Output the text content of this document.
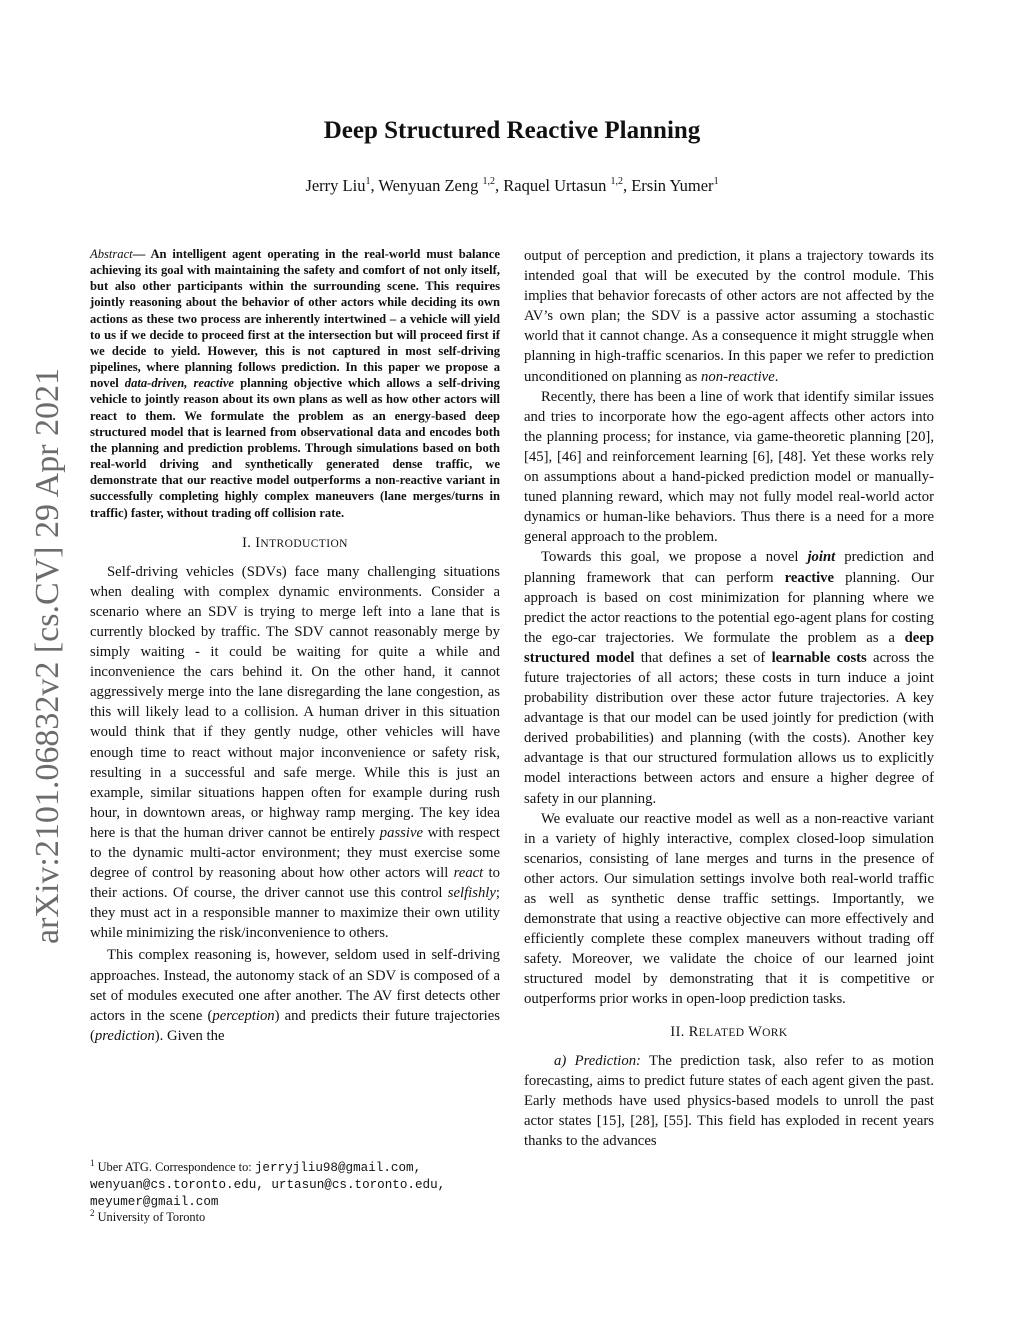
Deep Structured Reactive Planning
Jerry Liu$^1$, Wenyuan Zeng $^{1,2}$, Raquel Urtasun $^{1,2}$, Ersin Yumer$^1$
arXiv:2101.06832v2 [cs.CV] 29 Apr 2021

Abstract— An intelligent agent operating in the real-world must balance achieving its goal with maintaining the safety and comfort of not only itself, but also other participants within the surrounding scene. This requires jointly reasoning about the behavior of other actors while deciding its own actions as these two process are inherently intertwined – a vehicle will yield to us if we decide to proceed first at the intersection but will proceed first if we decide to yield. However, this is not captured in most self-driving pipelines, where planning follows prediction. In this paper we propose a novel data-driven, reactive planning objective which allows a self-driving vehicle to jointly reason about its own plans as well as how other actors will react to them. We formulate the problem as an energy-based deep structured model that is learned from observational data and encodes both the planning and prediction problems. Through simulations based on both real-world driving and synthetically generated dense traffic, we demonstrate that our reactive model outperforms a non-reactive variant in successfully completing highly complex maneuvers (lane merges/turns in traffic) faster, without trading off collision rate.

I. INTRODUCTION

Self-driving vehicles (SDVs) face many challenging situations when dealing with complex dynamic environments. Consider a scenario where an SDV is trying to merge left into a lane that is currently blocked by traffic. The SDV cannot reasonably merge by simply waiting - it could be waiting for quite a while and inconvenience the cars behind it. On the other hand, it cannot aggressively merge into the lane disregarding the lane congestion, as this will likely lead to a collision. A human driver in this situation would think that if they gently nudge, other vehicles will have enough time to react without major inconvenience or safety risk, resulting in a successful and safe merge. While this is just an example, similar situations happen often for example during rush hour, in downtown areas, or highway ramp merging. The key idea here is that the human driver cannot be entirely passive with respect to the dynamic multi-actor environment; they must exercise some degree of control by reasoning about how other actors will react to their actions. Of course, the driver cannot use this control selfishly; they must act in a responsible manner to maximize their own utility while minimizing the risk/inconvenience to others.

This complex reasoning is, however, seldom used in self-driving approaches. Instead, the autonomy stack of an SDV is composed of a set of modules executed one after another. The AV first detects other actors in the scene (perception) and predicts their future trajectories (prediction). Given the

output of perception and prediction, it plans a trajectory towards its intended goal that will be executed by the control module. This implies that behavior forecasts of other actors are not affected by the AV’s own plan; the SDV is a passive actor assuming a stochastic world that it cannot change. As a consequence it might struggle when planning in high-traffic scenarios. In this paper we refer to prediction unconditioned on planning as non-reactive.

Recently, there has been a line of work that identify similar issues and tries to incorporate how the ego-agent affects other actors into the planning process; for instance, via game-theoretic planning [20], [45], [46] and reinforcement learning [6], [48]. Yet these works rely on assumptions about a hand-picked prediction model or manually-tuned planning reward, which may not fully model real-world actor dynamics or human-like behaviors. Thus there is a need for a more general approach to the problem.

Towards this goal, we propose a novel joint prediction and planning framework that can perform reactive planning. Our approach is based on cost minimization for planning where we predict the actor reactions to the potential ego-agent plans for costing the ego-car trajectories. We formulate the problem as a deep structured model that defines a set of learnable costs across the future trajectories of all actors; these costs in turn induce a joint probability distribution over these actor future trajectories. A key advantage is that our model can be used jointly for prediction (with derived probabilities) and planning (with the costs). Another key advantage is that our structured formulation allows us to explicitly model interactions between actors and ensure a higher degree of safety in our planning.

We evaluate our reactive model as well as a non-reactive variant in a variety of highly interactive, complex closed-loop simulation scenarios, consisting of lane merges and turns in the presence of other actors. Our simulation settings involve both real-world traffic as well as synthetic dense traffic settings. Importantly, we demonstrate that using a reactive objective can more effectively and efficiently complete these complex maneuvers without trading off safety. Moreover, we validate the choice of our learned joint structured model by demonstrating that it is competitive or outperforms prior works in open-loop prediction tasks.

II. RELATED WORK

a) Prediction: The prediction task, also refer to as motion forecasting, aims to predict future states of each agent given the past. Early methods have used physics-based models to unroll the past actor states [15], [28], [55]. This field has exploded in recent years thanks to the advances

$^1$ Uber ATG. Correspondence to: jerryjliu98@gmail.com, wenyuan@cs.toronto.edu, urtasun@cs.toronto.edu, meyumer@gmail.com

$^2$ University of Toronto
